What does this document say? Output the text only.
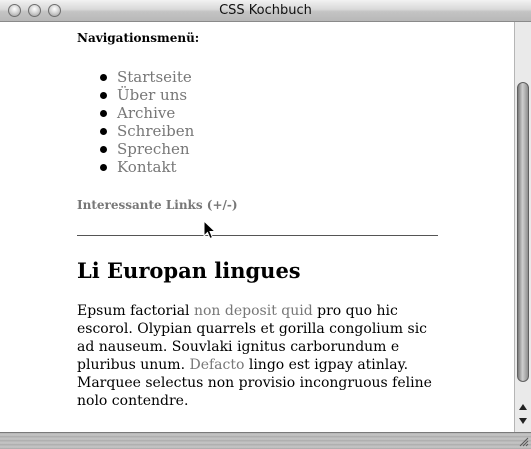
CSS Kochbuch
Navigationsmenü:
Startseite
Über uns
Archive
Schreiben
Sprechen
Kontakt
Interessante Links (+/-)
Li Europan lingues

Epsum factorial non deposit quid pro quo hic escorol. Olypian quarrels et gorilla congolium sic ad nauseum. Souvlaki ignitus carborundum e pluribus unum. Defacto lingo est igpay atinlay. Marquee selectus non provisio incongruous feline nolo contendre.
